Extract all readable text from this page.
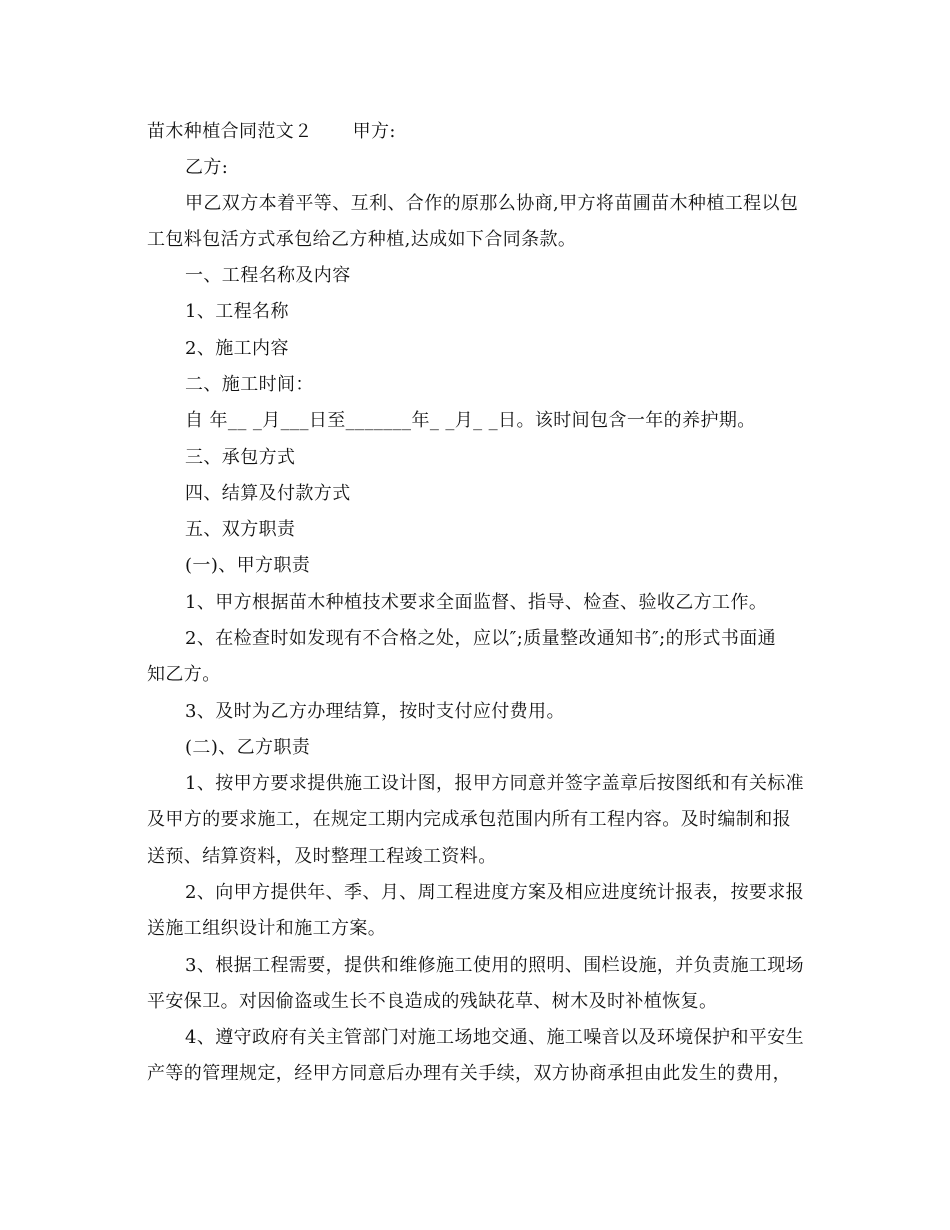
苗木种植合同范文２ 甲方:
乙方:
甲乙双方本着平等、互利、合作的原那么协商,甲方将苗圃苗木种植工程以包
工包料包活方式承包给乙方种植,达成如下合同条款。
一、工程名称及内容
1、工程名称
2、施工内容
二、施工时间：
自 年__ _月___日至_______年_ _月_ _日。该时间包含一年的养护期。
三、承包方式
四、结算及付款方式
五、双方职责
(一)、甲方职责
1、甲方根据苗木种植技术要求全面监督、指导、检查、验收乙方工作。
2、在检查时如发现有不合格之处，应以″;质量整改通知书″;的形式书面通
知乙方。
3、及时为乙方办理结算，按时支付应付费用。
(二)、乙方职责
1、按甲方要求提供施工设计图，报甲方同意并签字盖章后按图纸和有关标准
及甲方的要求施工，在规定工期内完成承包范围内所有工程内容。及时编制和报
送预、结算资料，及时整理工程竣工资料。
2、向甲方提供年、季、月、周工程进度方案及相应进度统计报表，按要求报
送施工组织设计和施工方案。
3、根据工程需要，提供和维修施工使用的照明、围栏设施，并负责施工现场
平安保卫。对因偷盗或生长不良造成的残缺花草、树木及时补植恢复。
4、遵守政府有关主管部门对施工场地交通、施工噪音以及环境保护和平安生
产等的管理规定，经甲方同意后办理有关手续，双方协商承担由此发生的费用，
